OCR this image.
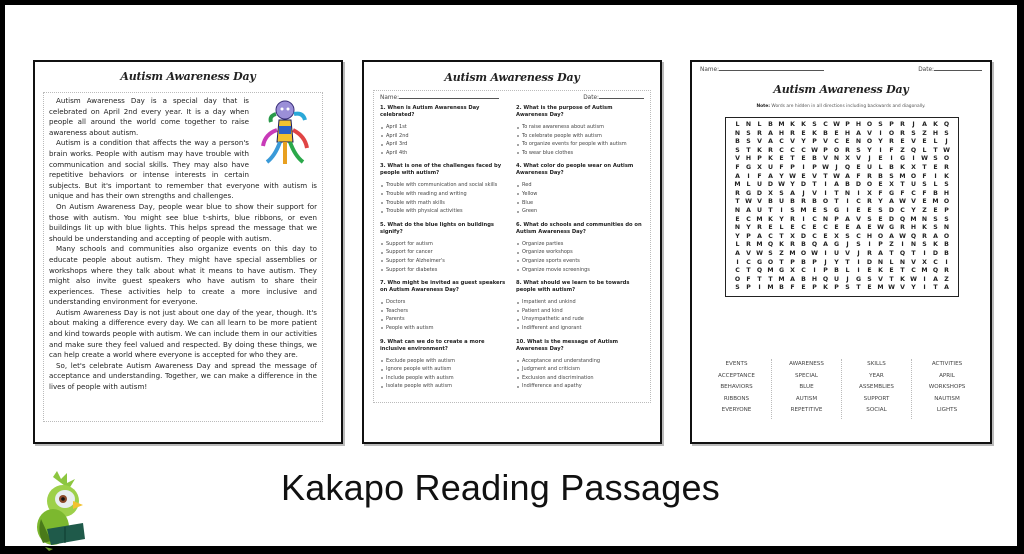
Autism Awareness Day

Autism Awareness Day is a special day that is celebrated on April 2nd every year. It is a day when people all around the world come together to raise awareness about autism.

Autism is a condition that affects the way a person's brain works. People with autism may have trouble with communication and social skills. They may also have repetitive behaviors or intense interests in certain subjects. But it's important to remember that everyone with autism is unique and has their own strengths and challenges.

On Autism Awareness Day, people wear blue to show their support for those with autism. You might see blue t-shirts, blue ribbons, or even buildings lit up with blue lights. This helps spread the message that we should be understanding and accepting of people with autism.

Many schools and communities also organize events on this day to educate people about autism. They might have special assemblies or workshops where they talk about what it means to have autism. They might also invite guest speakers who have autism to share their experiences. These activities help to create a more inclusive and understanding environment for everyone.

Autism Awareness Day is not just about one day of the year, though. It's about making a difference every day. We can all learn to be more patient and kind towards people with autism. We can include them in our activities and make sure they feel valued and respected. By doing these things, we can help create a world where everyone is accepted for who they are.

So, let's celebrate Autism Awareness Day and spread the message of acceptance and understanding. Together, we can make a difference in the lives of people with autism!

Autism Awareness Day
Name:	Date:
1. When is Autism Awareness Day celebrated?
April 1st
April 2nd
April 3rd
April 4th
2. What is the purpose of Autism Awareness Day?
To raise awareness about autism
To celebrate people with autism
To organize events for people with autism
To wear blue clothes
3. What is one of the challenges faced by people with autism?
Trouble with communication and social skills
Trouble with reading and writing
Trouble with math skills
Trouble with physical activities
4. What color do people wear on Autism Awareness Day?
Red
Yellow
Blue
Green
5. What do the blue lights on buildings signify?
Support for autism
Support for cancer
Support for Alzheimer's
Support for diabetes
6. What do schools and communities do on Autism Awareness Day?
Organize parties
Organize workshops
Organize sports events
Organize movie screenings
7. Who might be invited as guest speakers on Autism Awareness Day?
Doctors
Teachers
Parents
People with autism
8. What should we learn to be towards people with autism?
Impatient and unkind
Patient and kind
Unsympathetic and rude
Indifferent and ignorant
9. What can we do to create a more inclusive environment?
Exclude people with autism
Ignore people with autism
Include people with autism
Isolate people with autism
10. What is the message of Autism Awareness Day?
Acceptance and understanding
Judgment and criticism
Exclusion and discrimination
Indifference and apathy
Name:	Date:
Autism Awareness Day
Note: Words are hidden in all directions including backwards and diagonally.
L	N	L	B M K	K	S	C W P H O S	P	R	J	A	K Q
N S	R	A H R	E	K	B	E	H A	V	I	O R	S	Z H S
B	S	V	A	C	V	Y	P	V	C	E	N O Y	R	E	V	E	L	J
S	T	K	R	C	C	C W P O R	S	Y	I	F	Z Q	L	T W
V H P	K	E	T	E	B	V N X	V	J	E	I	G	I	W S O
F	G X U	F	P	I	P W	J	Q	E	U	L	B	K	X	T	E	R
A	I	F	A	Y W E	V	T W A	F	R	B	S M O	F	I	K
M L	U D W Y D	T	I	A	B D O	E	X	T	U	S	L	S
R G D X	S	A	J	V	I	T	N	I	X	F	G	F	C	F	B H
T W V	B U B	R	B O	T	I	C	R	Y	A W V	E M O
N A U	T	I	S M E	S	G	I	E	E	S D C	Y	Z	E	P
E	C M K	Y	R	I	C N P	A	V	S	E	D Q M N S	S
N Y	R	E	L	E	C	E	C	E	E	A	E W G R H K	S N
Y	P	A	C	T	X D C	E	X	S	C H O A W Q R	A O
L	R M Q K	R	B Q A G	J	S	I	P	Z	I	N S	K	B
A	V W S	Z M O W	I	U V	J	R	A	T	Q	T	I	D B
I	C G O	T	P	B	P	J	Y	T	I	D N	L	N V	X	C	I
C	T	Q M G X	C	I	P	B	L	I	E	K	E	T	C M Q R
O	F	T	T M A	B H Q U	J	G	S	V	T	K W	I	A	Z
S	P	I	M B	F	E	P	K	P	S	T	E M W V	Y	I	T	A
EVENTS
ACCEPTANCE
BEHAVIORS
RIBBONS
EVERYONE
AWARENESS
SPECIAL
BLUE
AUTISM
REPETITIVE
SKILLS
YEAR
ASSEMBLIES
SUPPORT
SOCIAL
ACTIVITIES
APRIL
WORKSHOPS
NAUTISM
LIGHTS
Kakapo Reading Passages
